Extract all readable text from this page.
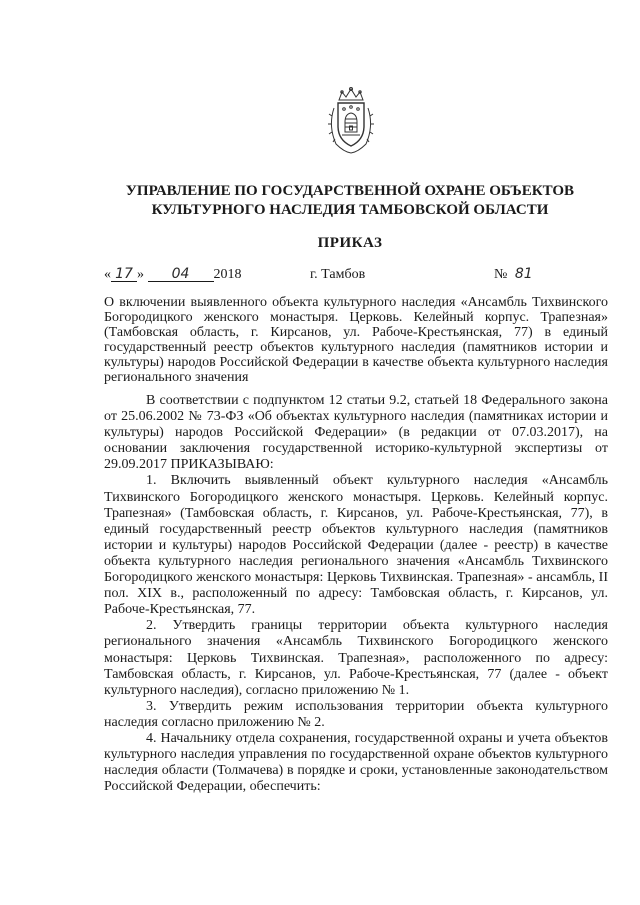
УПРАВЛЕНИЕ ПО ГОСУДАРСТВЕННОЙ ОХРАНЕ ОБЪЕКТОВ
КУЛЬТУРНОГО НАСЛЕДИЯ ТАМБОВСКОЙ ОБЛАСТИ
ПРИКАЗ
« 17 » 04 2018	г. Тамбов	№ 81
О включении выявленного объекта культурного наследия «Ансамбль Тихвинского Богородицкого женского монастыря. Церковь. Келейный корпус. Трапезная» (Тамбовская область, г. Кирсанов, ул. Рабоче-Крестьянская, 77) в единый государственный реестр объектов культурного наследия (памятников истории и культуры) народов Российской Федерации в качестве объекта культурного наследия регионального значения

В соответствии с подпунктом 12 статьи 9.2, статьей 18 Федерального закона от 25.06.2002 № 73-ФЗ «Об объектах культурного наследия (памятниках истории и культуры) народов Российской Федерации» (в редакции от 07.03.2017), на основании заключения государственной историко-культурной экспертизы от 29.09.2017 ПРИКАЗЫВАЮ:

1. Включить выявленный объект культурного наследия «Ансамбль Тихвинского Богородицкого женского монастыря. Церковь. Келейный корпус. Трапезная» (Тамбовская область, г. Кирсанов, ул. Рабоче-Крестьянская, 77), в единый государственный реестр объектов культурного наследия (памятников истории и культуры) народов Российской Федерации (далее - реестр) в качестве объекта культурного наследия регионального значения «Ансамбль Тихвинского Богородицкого женского монастыря: Церковь Тихвинская. Трапезная» - ансамбль, II пол. XIX в., расположенный по адресу: Тамбовская область, г. Кирсанов, ул. Рабоче-Крестьянская, 77.

2. Утвердить границы территории объекта культурного наследия регионального значения «Ансамбль Тихвинского Богородицкого женского монастыря: Церковь Тихвинская. Трапезная», расположенного по адресу: Тамбовская область, г. Кирсанов, ул. Рабоче-Крестьянская, 77 (далее - объект культурного наследия), согласно приложению № 1.

3. Утвердить режим использования территории объекта культурного наследия согласно приложению № 2.

4. Начальнику отдела сохранения, государственной охраны и учета объектов культурного наследия управления по государственной охране объектов культурного наследия области (Толмачева) в порядке и сроки, установленные законодательством Российской Федерации, обеспечить:
